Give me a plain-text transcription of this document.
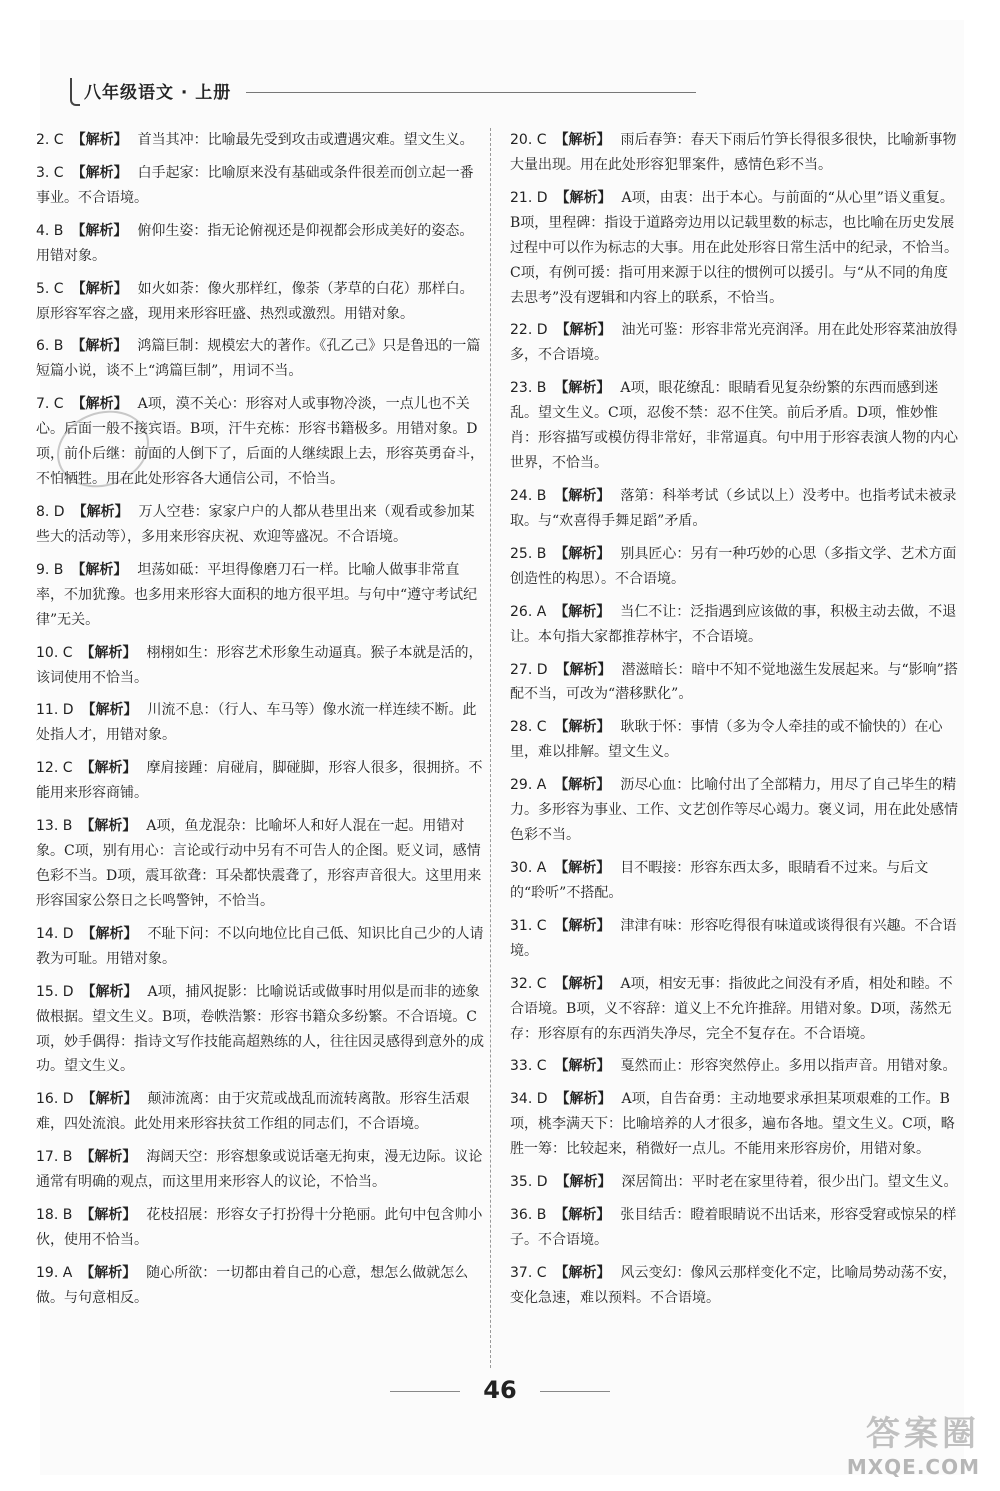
八年级语文 · 上册
2. C 【解析】 首当其冲：比喻最先受到攻击或遭遇灾难。望文生义。
3. C 【解析】 白手起家：比喻原来没有基础或条件很差而创立起一番事业。不合语境。
4. B 【解析】 俯仰生姿：指无论俯视还是仰视都会形成美好的姿态。用错对象。
5. C 【解析】 如火如荼：像火那样红，像荼（茅草的白花）那样白。原形容军容之盛，现用来形容旺盛、热烈或激烈。用错对象。
6. B 【解析】 鸿篇巨制：规模宏大的著作。《孔乙己》只是鲁迅的一篇短篇小说，谈不上“鸿篇巨制”，用词不当。
7. C 【解析】 A项，漠不关心：形容对人或事物冷淡，一点儿也不关心。后面一般不接宾语。B项，汗牛充栋：形容书籍极多。用错对象。D项，前仆后继：前面的人倒下了，后面的人继续跟上去，形容英勇奋斗，不怕牺牲。用在此处形容各大通信公司，不恰当。
8. D 【解析】 万人空巷：家家户户的人都从巷里出来（观看或参加某些大的活动等），多用来形容庆祝、欢迎等盛况。不合语境。
9. B 【解析】 坦荡如砥：平坦得像磨刀石一样。比喻人做事非常直率，不加犹豫。也多用来形容大面积的地方很平坦。与句中“遵守考试纪律”无关。
10. C 【解析】 栩栩如生：形容艺术形象生动逼真。猴子本就是活的，该词使用不恰当。
11. D 【解析】 川流不息：（行人、车马等）像水流一样连续不断。此处指人才，用错对象。
12. C 【解析】 摩肩接踵：肩碰肩，脚碰脚，形容人很多，很拥挤。不能用来形容商铺。
13. B 【解析】 A项，鱼龙混杂：比喻坏人和好人混在一起。用错对象。C项，别有用心：言论或行动中另有不可告人的企图。贬义词，感情色彩不当。D项，震耳欲聋：耳朵都快震聋了，形容声音很大。这里用来形容国家公祭日之长鸣警钟，不恰当。
14. D 【解析】 不耻下问：不以向地位比自己低、知识比自己少的人请教为可耻。用错对象。
15. D 【解析】 A项，捕风捉影：比喻说话或做事时用似是而非的迹象做根据。望文生义。B项，卷帙浩繁：形容书籍众多纷繁。不合语境。C项，妙手偶得：指诗文写作技能高超熟练的人，往往因灵感得到意外的成功。望文生义。
16. D 【解析】 颠沛流离：由于灾荒或战乱而流转离散。形容生活艰难，四处流浪。此处用来形容扶贫工作组的同志们，不合语境。
17. B 【解析】 海阔天空：形容想象或说话毫无拘束，漫无边际。议论通常有明确的观点，而这里用来形容人的议论，不恰当。
18. B 【解析】 花枝招展：形容女子打扮得十分艳丽。此句中包含帅小伙，使用不恰当。
19. A 【解析】 随心所欲：一切都由着自己的心意，想怎么做就怎么做。与句意相反。
20. C 【解析】 雨后春笋：春天下雨后竹笋长得很多很快，比喻新事物大量出现。用在此处形容犯罪案件，感情色彩不当。
21. D 【解析】 A项，由衷：出于本心。与前面的“从心里”语义重复。B项，里程碑：指设于道路旁边用以记载里数的标志，也比喻在历史发展过程中可以作为标志的大事。用在此处形容日常生活中的纪录，不恰当。C项，有例可援：指可用来源于以往的惯例可以援引。与“从不同的角度去思考”没有逻辑和内容上的联系，不恰当。
22. D 【解析】 油光可鉴：形容非常光亮润泽。用在此处形容菜油放得多，不合语境。
23. B 【解析】 A项，眼花缭乱：眼睛看见复杂纷繁的东西而感到迷乱。望文生义。C项，忍俊不禁：忍不住笑。前后矛盾。D项，惟妙惟肖：形容描写或模仿得非常好，非常逼真。句中用于形容表演人物的内心世界，不恰当。
24. B 【解析】 落第：科举考试（乡试以上）没考中。也指考试未被录取。与“欢喜得手舞足蹈”矛盾。
25. B 【解析】 别具匠心：另有一种巧妙的心思（多指文学、艺术方面创造性的构思）。不合语境。
26. A 【解析】 当仁不让：泛指遇到应该做的事，积极主动去做，不退让。本句指大家都推荐林宇，不合语境。
27. D 【解析】 潜滋暗长：暗中不知不觉地滋生发展起来。与“影响”搭配不当，可改为“潜移默化”。
28. C 【解析】 耿耿于怀：事情（多为令人牵挂的或不愉快的）在心里，难以排解。望文生义。
29. A 【解析】 沥尽心血：比喻付出了全部精力，用尽了自己毕生的精力。多形容为事业、工作、文艺创作等尽心竭力。褒义词，用在此处感情色彩不当。
30. A 【解析】 目不暇接：形容东西太多，眼睛看不过来。与后文的“聆听”不搭配。
31. C 【解析】 津津有味：形容吃得很有味道或谈得很有兴趣。不合语境。
32. C 【解析】 A项，相安无事：指彼此之间没有矛盾，相处和睦。不合语境。B项，义不容辞：道义上不允许推辞。用错对象。D项，荡然无存：形容原有的东西消失净尽，完全不复存在。不合语境。
33. C 【解析】 戛然而止：形容突然停止。多用以指声音。用错对象。
34. D 【解析】 A项，自告奋勇：主动地要求承担某项艰难的工作。B项，桃李满天下：比喻培养的人才很多，遍布各地。望文生义。C项，略胜一筹：比较起来，稍微好一点儿。不能用来形容房价，用错对象。
35. D 【解析】 深居简出：平时老在家里待着，很少出门。望文生义。
36. B 【解析】 张目结舌：瞪着眼睛说不出话来，形容受窘或惊呆的样子。不合语境。
37. C 【解析】 风云变幻：像风云那样变化不定，比喻局势动荡不安，变化急速，难以预料。不合语境。
46
答案圈
MXQE.COM
